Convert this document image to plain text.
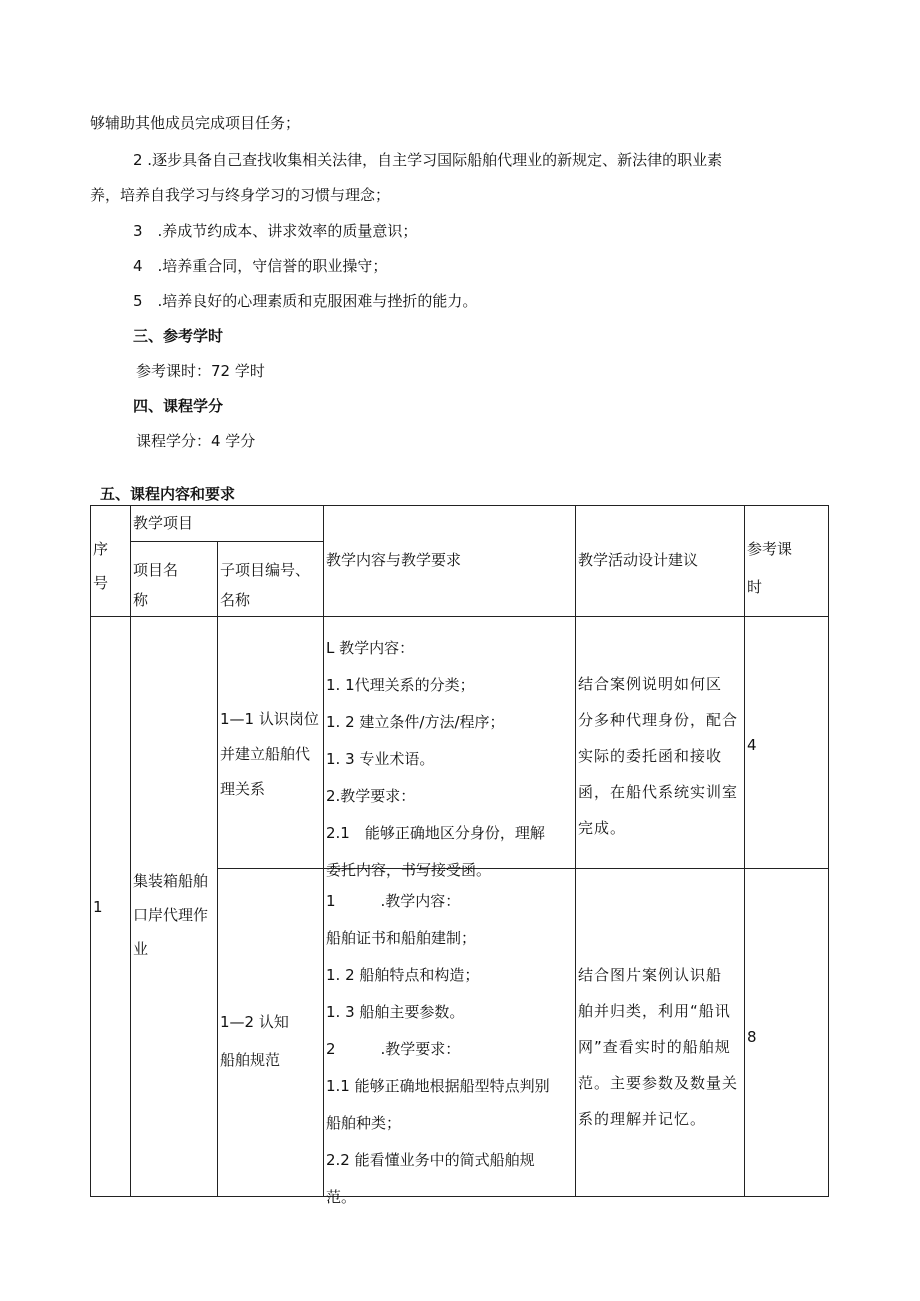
够辅助其他成员完成项目任务；
2 .逐步具备自己查找收集相关法律，自主学习国际船舶代理业的新规定、新法律的职业素
养，培养自我学习与终身学习的习惯与理念；
3　.养成节约成本、讲求效率的质量意识；
4　.培养重合同，守信誉的职业操守；
5　.培养良好的心理素质和克服困难与挫折的能力。
三、参考学时
参考课时：72 学时
四、课程学分
课程学分：4 学分
五、课程内容和要求
序
号
教学项目
项目名
称
子项目编号、
名称
教学内容与教学要求	教学活动设计建议
参考课
时
1
集装箱船舶
口岸代理作
业
1—1 认识岗位
并建立船舶代
理关系
L 教学内容：
1. 1代理关系的分类；
1. 2 建立条件/方法/程序；
1. 3 专业术语。
2.教学要求：
2.1　能够正确地区分身份，理解
委托内容，书写接受函。
结合案例说明如何区
分多种代理身份，配合
实际的委托函和接收
函，在船代系统实训室
完成。
4
1—2 认知
船舶规范
1　　　.教学内容：
船舶证书和船舶建制；
1. 2 船舶特点和构造；
1. 3 船舶主要参数。
2　　　.教学要求：
1.1 能够正确地根据船型特点判别
船舶种类；
2.2 能看懂业务中的简式船舶规
范。
结合图片案例认识船
舶并归类，利用“船讯
网”查看实时的船舶规
范。主要参数及数量关
系的理解并记忆。
8
